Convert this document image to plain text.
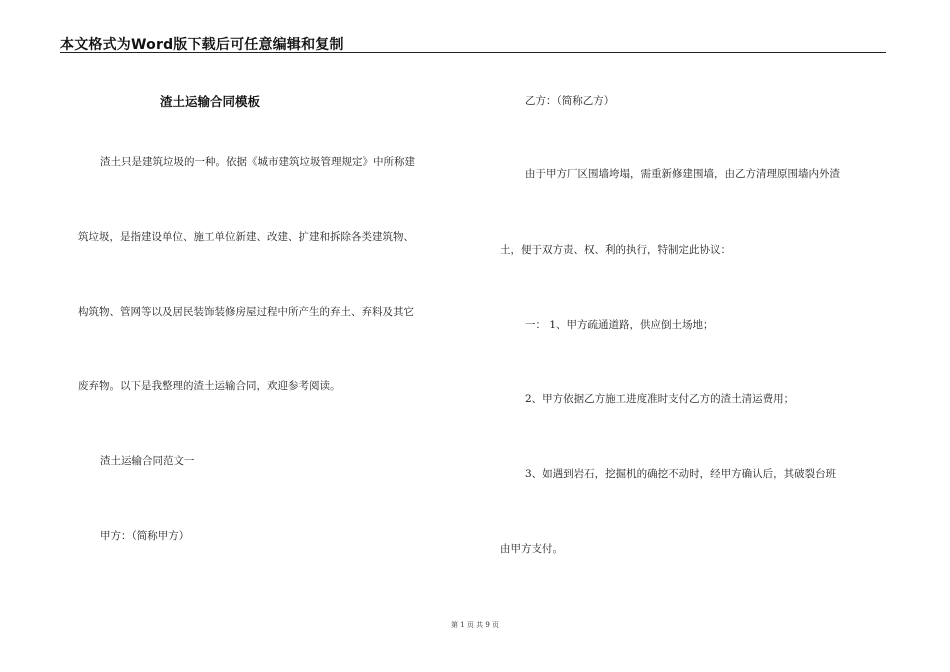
本文格式为Word版下载后可任意编辑和复制
渣土运输合同模板
渣土只是建筑垃圾的一种。依据《城市建筑垃圾管理规定》中所称建
筑垃圾，是指建设单位、施工单位新建、改建、扩建和拆除各类建筑物、
构筑物、管网等以及居民装饰装修房屋过程中所产生的弃土、弃料及其它
废弃物。以下是我整理的渣土运输合同，欢迎参考阅读。
渣土运输合同范文一
甲方：（简称甲方）
乙方：（简称乙方）
由于甲方厂区围墙垮塌，需重新修建围墙，由乙方清理原围墙内外渣
土，便于双方责、权、利的执行，特制定此协议：
一： 1、甲方疏通道路，供应倒土场地；
2、甲方依据乙方施工进度准时支付乙方的渣土清运费用；
3、如遇到岩石，挖掘机的确挖不动时，经甲方确认后，其破裂台班
由甲方支付。
第 1 页 共 9 页
